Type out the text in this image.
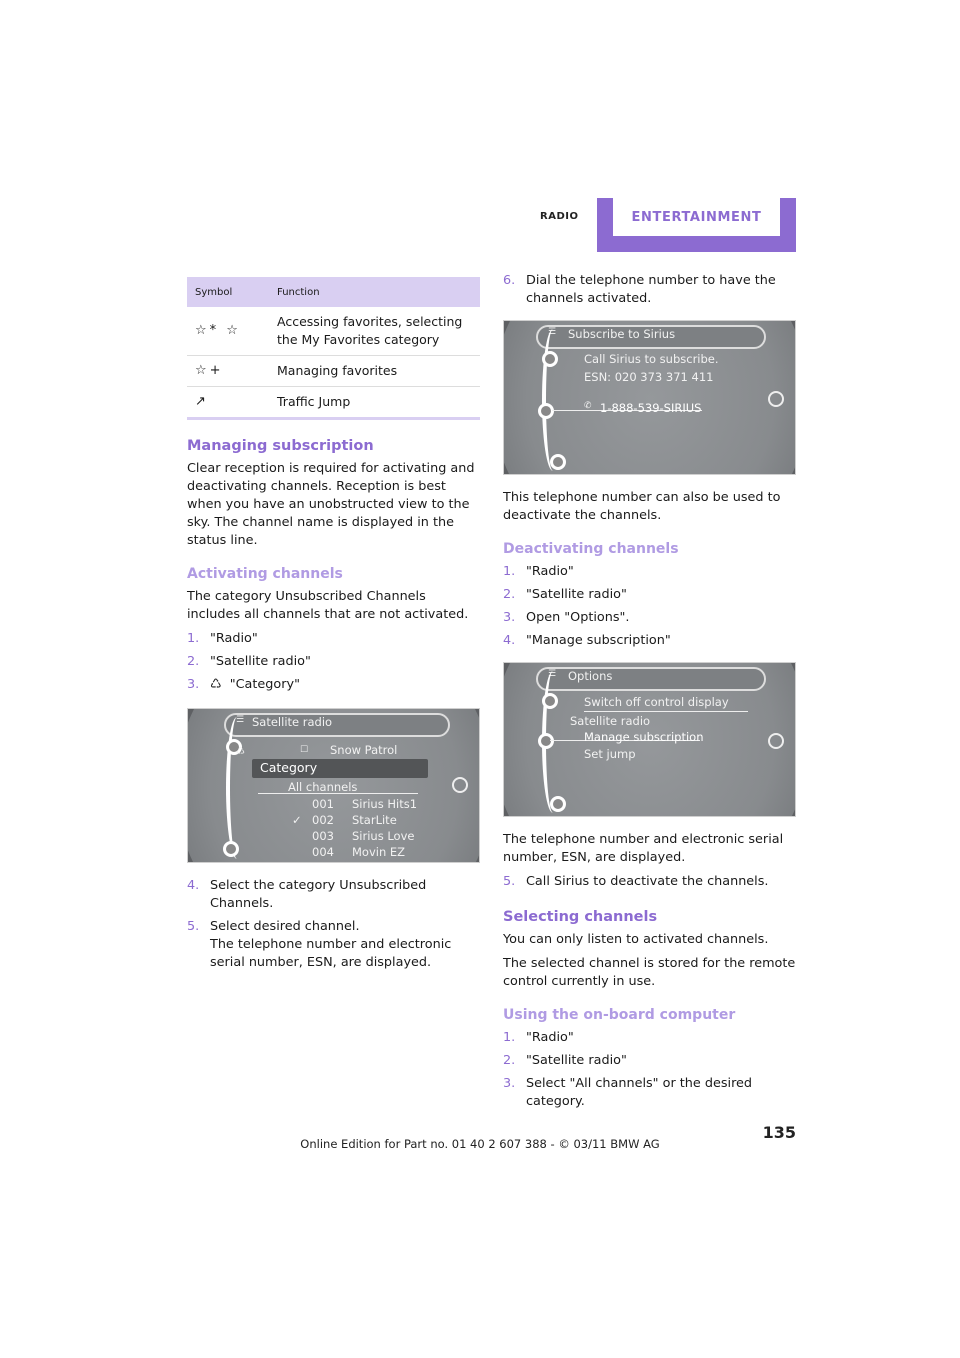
RADIO	ENTERTAINMENT
Symbol	Function
☆* ☆	Accessing favorites, selecting the My Favorites category
☆+	Managing favorites
↗	Traffic Jump
Managing subscription

Clear reception is required for activating and deactivating channels. Reception is best when you have an unobstructed view to the sky. The channel name is displayed in the status line.

Activating channels

The category Unsubscribed Channels includes all channels that are not activated.

1. "Radio"
2. "Satellite radio"
3. ♺ "Category"
☰ Satellite radio
♺	☐ Snow Patrol
Category
All channels
001 Sirius Hits1
✓ 002 StarLite
003 Sirius Love
004 Movin EZ
4. Select the category Unsubscribed Channels.
5. Select desired channel.
The telephone number and electronic serial number, ESN, are displayed.
6. Dial the telephone number to have the channels activated.
☰ Subscribe to Sirius
Call Sirius to subscribe.
ESN: 020 373 371 411
✆ 1-888-539-SIRIUS

This telephone number can also be used to deactivate the channels.

Deactivating channels
1. "Radio"
2. "Satellite radio"
3. Open "Options".
4. "Manage subscription"
☰ Options
Switch off control display
Satellite radio
Manage subscription
Set jump

The telephone number and electronic serial number, ESN, are displayed.

5. Call Sirius to deactivate the channels.
Selecting channels

You can only listen to activated channels.

The selected channel is stored for the remote control currently in use.

Using the on-board computer
1. "Radio"
2. "Satellite radio"
3. Select "All channels" or the desired category.
135
Online Edition for Part no. 01 40 2 607 388 - © 03/11 BMW AG
